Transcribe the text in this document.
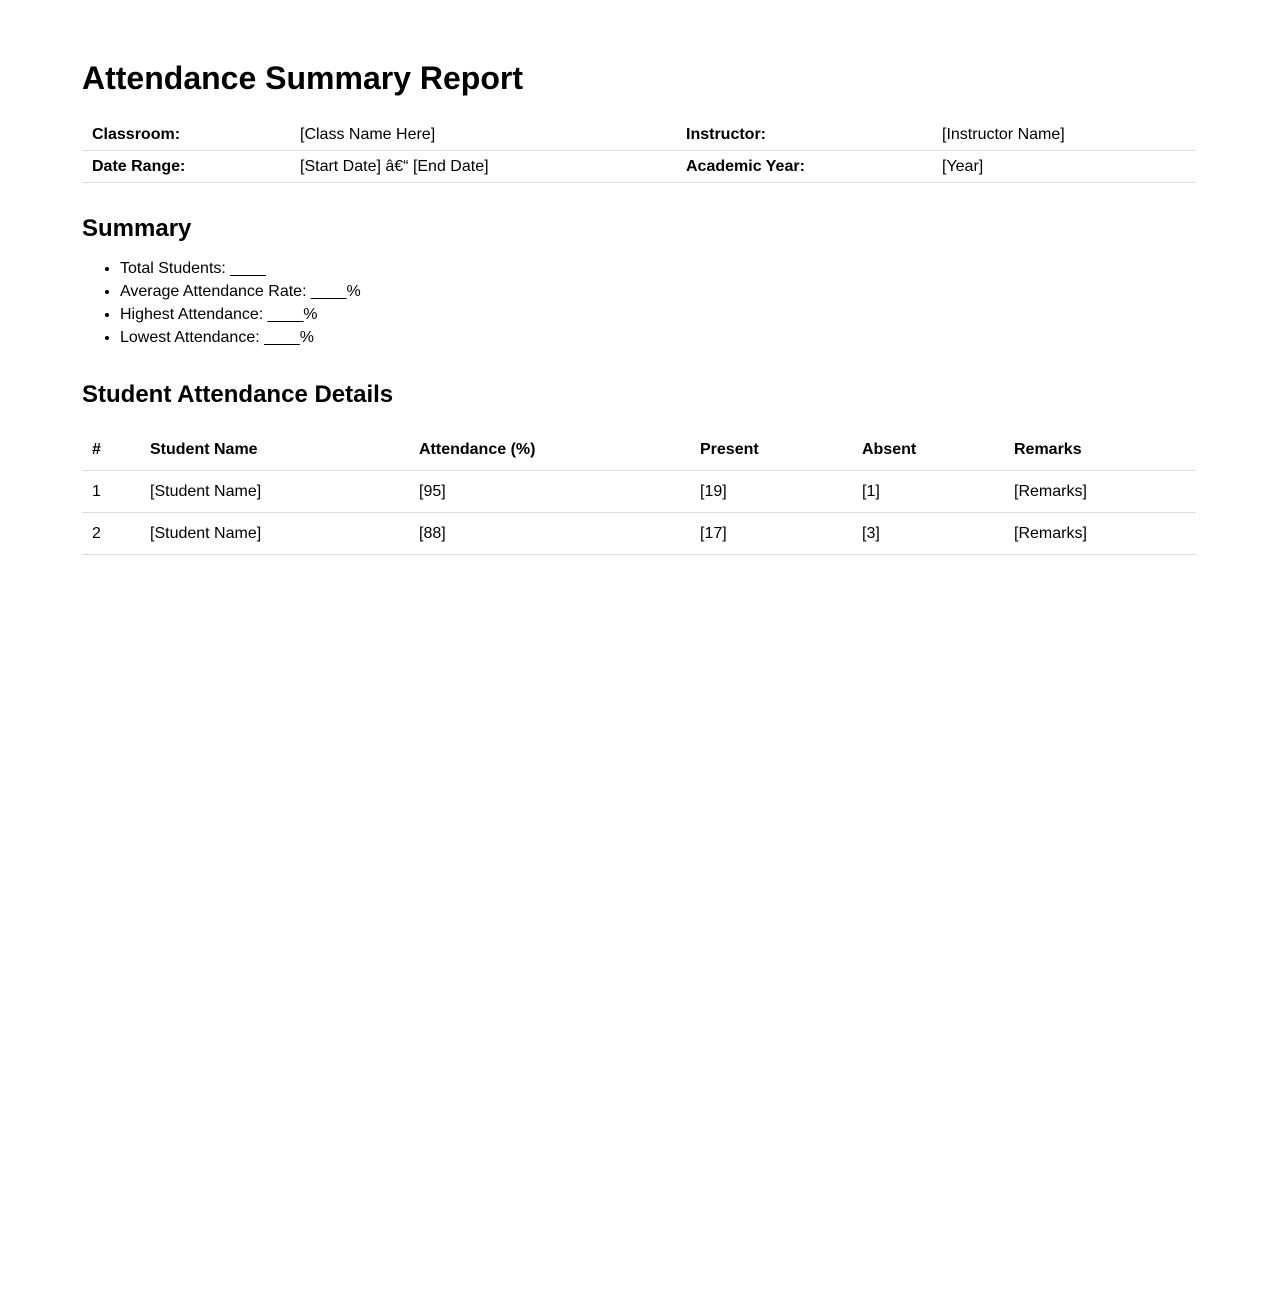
Attendance Summary Report
Classroom:	[Class Name Here]	Instructor:	[Instructor Name]
Date Range:	[Start Date] â€“ [End Date]	Academic Year:	[Year]
Summary
• Total Students: ____
• Average Attendance Rate: ____%
• Highest Attendance: ____%
• Lowest Attendance: ____%
Student Attendance Details
#	Student Name	Attendance (%)	Present	Absent	Remarks
1	[Student Name]	[95]	[19]	[1]	[Remarks]
2	[Student Name]	[88]	[17]	[3]	[Remarks]
